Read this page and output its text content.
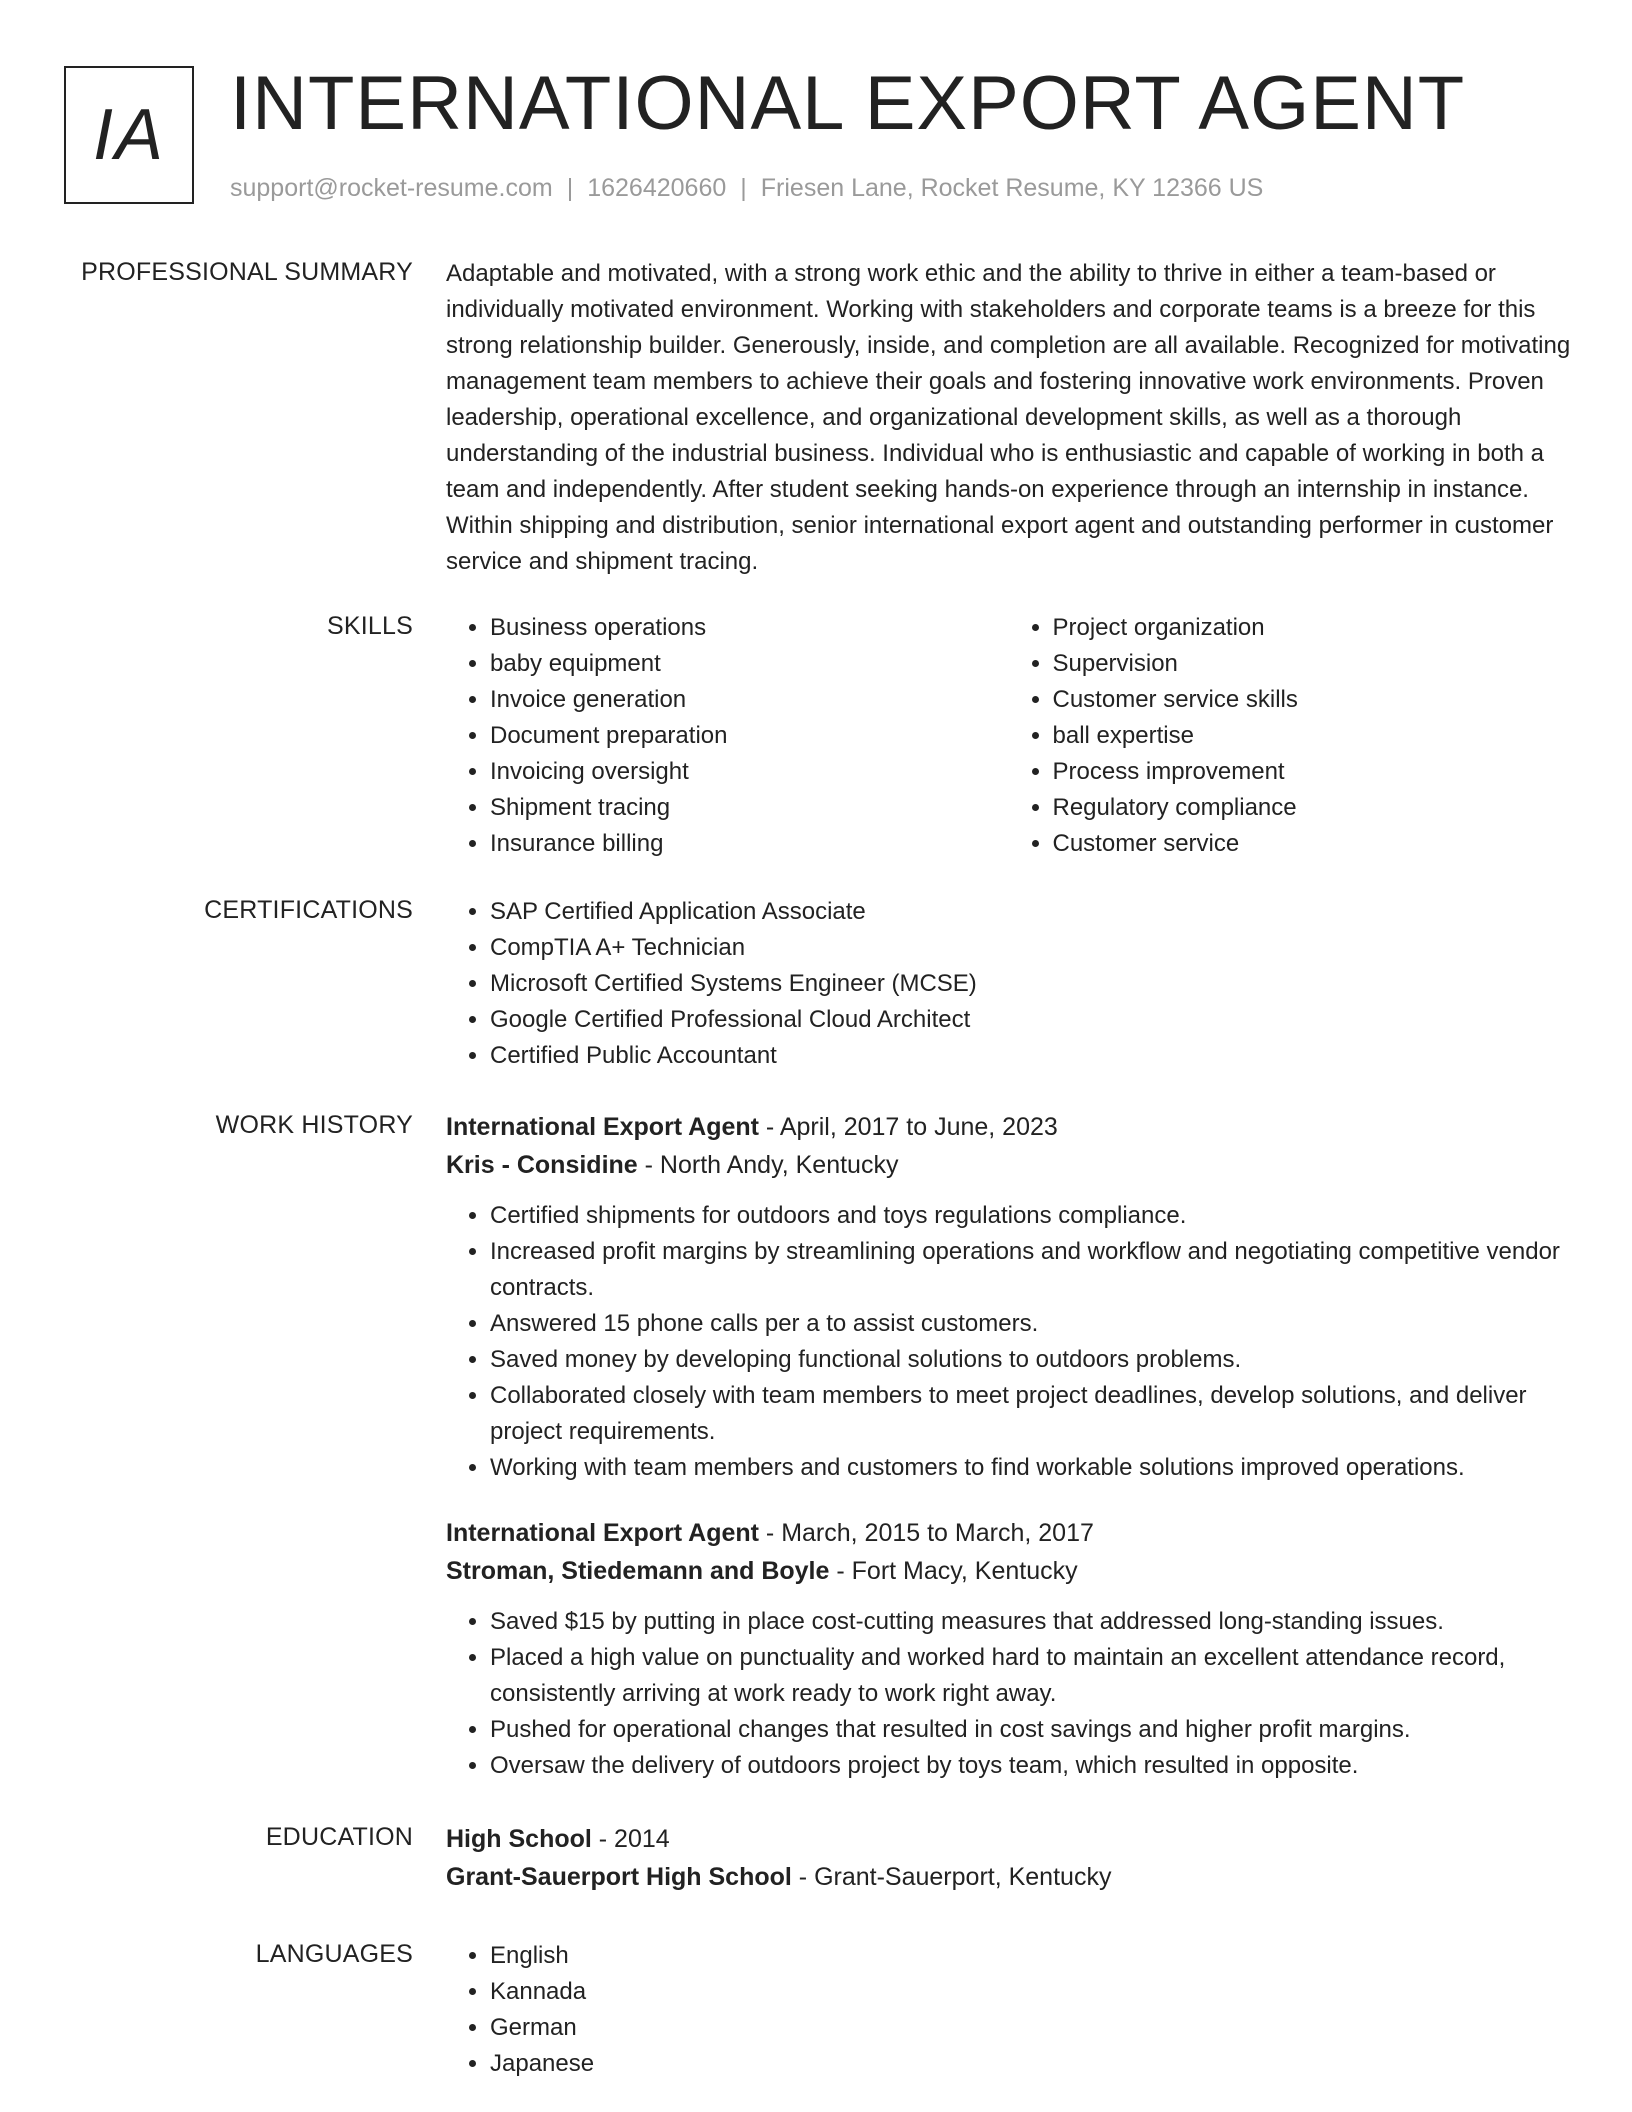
IA INTERNATIONAL EXPORT AGENT
support@rocket-resume.com | 1626420660 | Friesen Lane, Rocket Resume, KY 12366 US
PROFESSIONAL SUMMARY Adaptable and motivated, with a strong work ethic and the ability to thrive in either a team-based or individually motivated environment. Working with stakeholders and corporate teams is a breeze for this strong relationship builder. Generously, inside, and completion are all available. Recognized for motivating management team members to achieve their goals and fostering innovative work environments. Proven leadership, operational excellence, and organizational development skills, as well as a thorough understanding of the industrial business. Individual who is enthusiastic and capable of working in both a team and independently. After student seeking hands-on experience through an internship in instance. Within shipping and distribution, senior international export agent and outstanding performer in customer service and shipment tracing.

SKILLS	• Business operations
• baby equipment
• Invoice generation
• Document preparation
• Invoicing oversight
• Shipment tracing
• Insurance billing
• Project organization
• Supervision
• Customer service skills
• ball expertise
• Process improvement
• Regulatory compliance
• Customer service
CERTIFICATIONS	• SAP Certified Application Associate
• CompTIA A+ Technician
• Microsoft Certified Systems Engineer (MCSE)
• Google Certified Professional Cloud Architect
• Certified Public Accountant
WORK HISTORY International Export Agent - April, 2017 to June, 2023
Kris - Considine - North Andy, Kentucky
• Certified shipments for outdoors and toys regulations compliance.
• Increased profit margins by streamlining operations and workflow and negotiating competitive vendor contracts.
• Answered 15 phone calls per a to assist customers.
• Saved money by developing functional solutions to outdoors problems.
• Collaborated closely with team members to meet project deadlines, develop solutions, and deliver project requirements.
• Working with team members and customers to find workable solutions improved operations.
International Export Agent - March, 2015 to March, 2017
Stroman, Stiedemann and Boyle - Fort Macy, Kentucky
• Saved $15 by putting in place cost-cutting measures that addressed long-standing issues.
• Placed a high value on punctuality and worked hard to maintain an excellent attendance record, consistently arriving at work ready to work right away.
• Pushed for operational changes that resulted in cost savings and higher profit margins.
• Oversaw the delivery of outdoors project by toys team, which resulted in opposite.
EDUCATION High School - 2014
Grant-Sauerport High School - Grant-Sauerport, Kentucky
LANGUAGES	• English
• Kannada
• German
• Japanese
